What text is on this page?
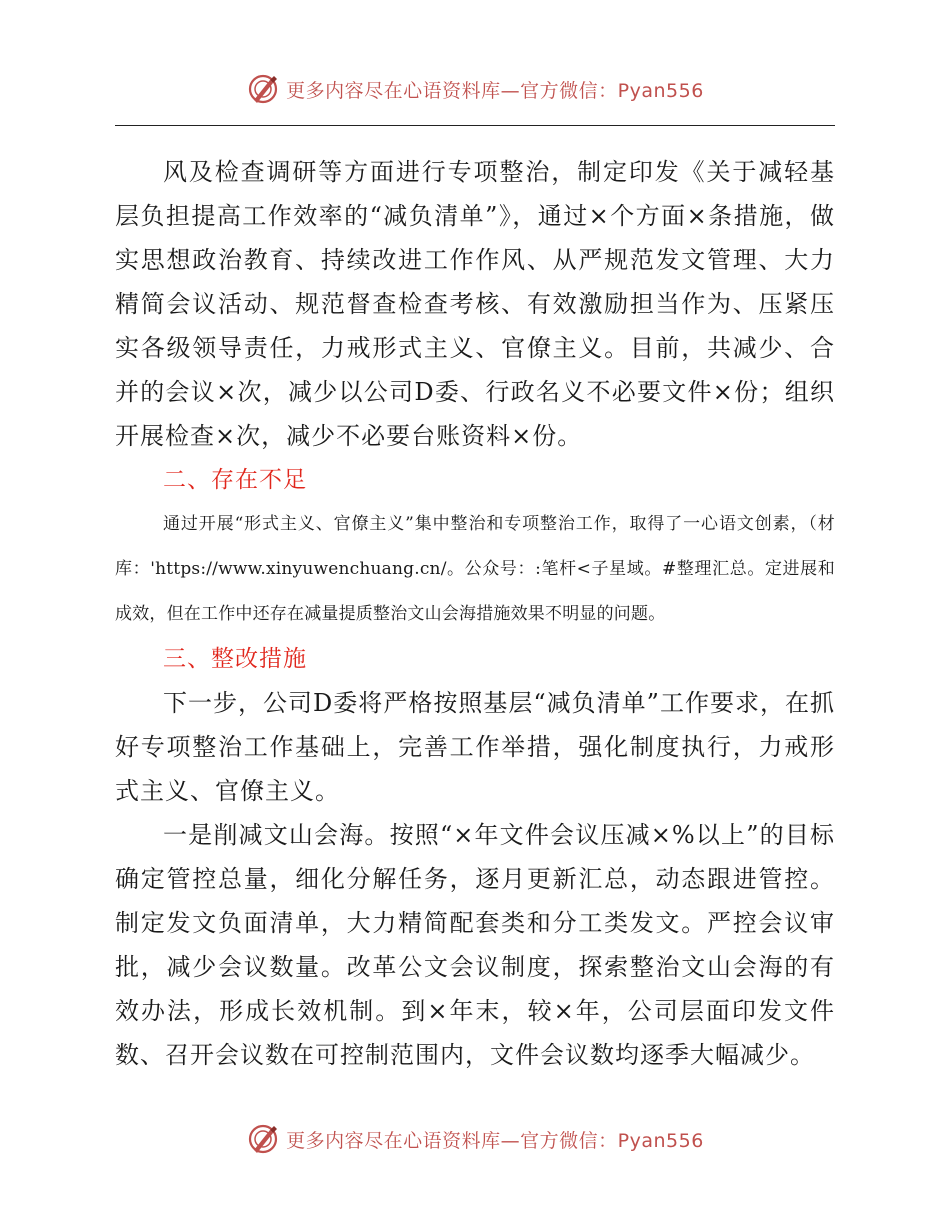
更多内容尽在心语资料库—官方微信：Pyan556

风及检查调研等方面进行专项整治，制定印发《关于减轻基层负担提高工作效率的“减负清单”》，通过×个方面×条措施，做实思想政治教育、持续改进工作作风、从严规范发文管理、大力精简会议活动、规范督查检查考核、有效激励担当作为、压紧压实各级领导责任，力戒形式主义、官僚主义。目前，共减少、合并的会议×次，减少以公司D委、行政名义不必要文件×份；组织开展检查×次，减少不必要台账资料×份。

二、存在不足

通过开展“形式主义、官僚主义”集中整治和专项整治工作，取得了一心语文创素，（材库：'https://www.xinyuwenchuang.cn/。公众号：:笔杆<子星域。#整理汇总。定进展和成效，但在工作中还存在减量提质整治文山会海措施效果不明显的问题。

三、整改措施

下一步，公司D委将严格按照基层“减负清单”工作要求，在抓好专项整治工作基础上，完善工作举措，强化制度执行，力戒形式主义、官僚主义。

一是削减文山会海。按照“×年文件会议压减×%以上”的目标确定管控总量，细化分解任务，逐月更新汇总，动态跟进管控。制定发文负面清单，大力精简配套类和分工类发文。严控会议审批，减少会议数量。改革公文会议制度，探索整治文山会海的有效办法，形成长效机制。到×年末，较×年，公司层面印发文件数、召开会议数在可控制范围内，文件会议数均逐季大幅减少。

更多内容尽在心语资料库—官方微信：Pyan556
